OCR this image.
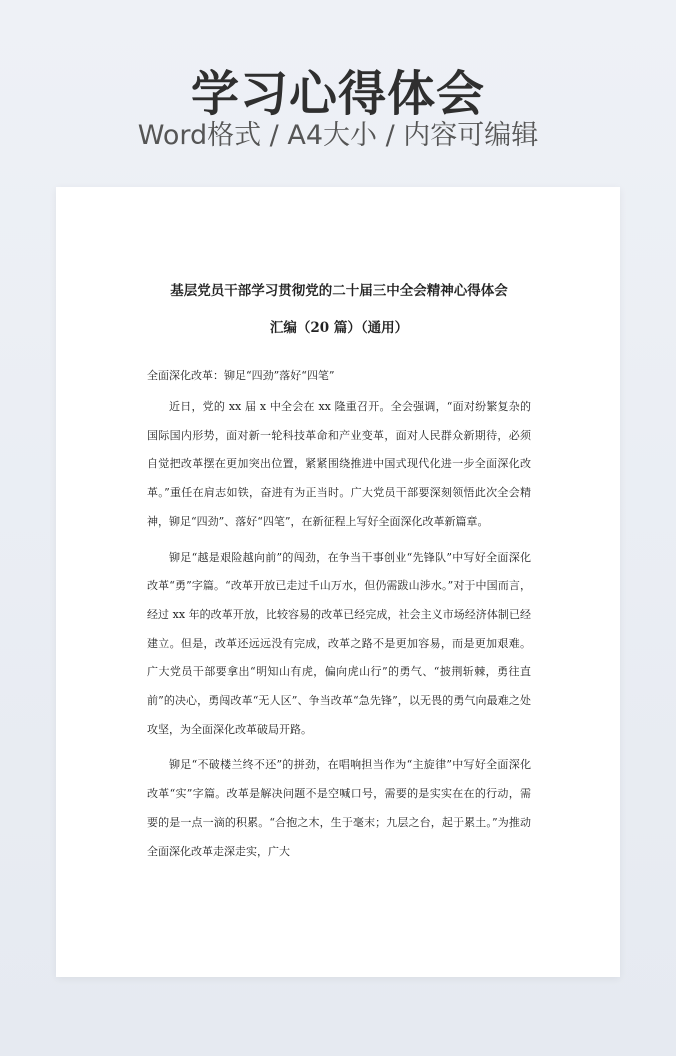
学习心得体会
Word格式 / A4大小 / 内容可编辑

基层党员干部学习贯彻党的二十届三中全会精神心得体会

汇编（20 篇）（通用）

全面深化改革：铆足“四劲”落好“四笔”

近日，党的 xx 届 x 中全会在 xx 隆重召开。全会强调，“面对纷繁复杂的国际国内形势，面对新一轮科技革命和产业变革，面对人民群众新期待，必须自觉把改革摆在更加突出位置，紧紧围绕推进中国式现代化进一步全面深化改革。”重任在肩志如铁，奋进有为正当时。广大党员干部要深刻领悟此次全会精神，铆足“四劲”、落好“四笔”，在新征程上写好全面深化改革新篇章。

铆足“越是艰险越向前”的闯劲，在争当干事创业“先锋队”中写好全面深化改革“勇”字篇。“改革开放已走过千山万水，但仍需跋山涉水。”对于中国而言，经过 xx 年的改革开放，比较容易的改革已经完成，社会主义市场经济体制已经建立。但是，改革还远远没有完成，改革之路不是更加容易，而是更加艰难。广大党员干部要拿出“明知山有虎，偏向虎山行”的勇气、“披荆斩棘，勇往直前”的决心，勇闯改革“无人区”、争当改革“急先锋”，以无畏的勇气向最难之处攻坚，为全面深化改革破局开路。

铆足“不破楼兰终不还”的拼劲，在唱响担当作为“主旋律”中写好全面深化改革“实”字篇。改革是解决问题不是空喊口号，需要的是实实在在的行动，需要的是一点一滴的积累。“合抱之木，生于毫末；九层之台，起于累土。”为推动全面深化改革走深走实，广大
